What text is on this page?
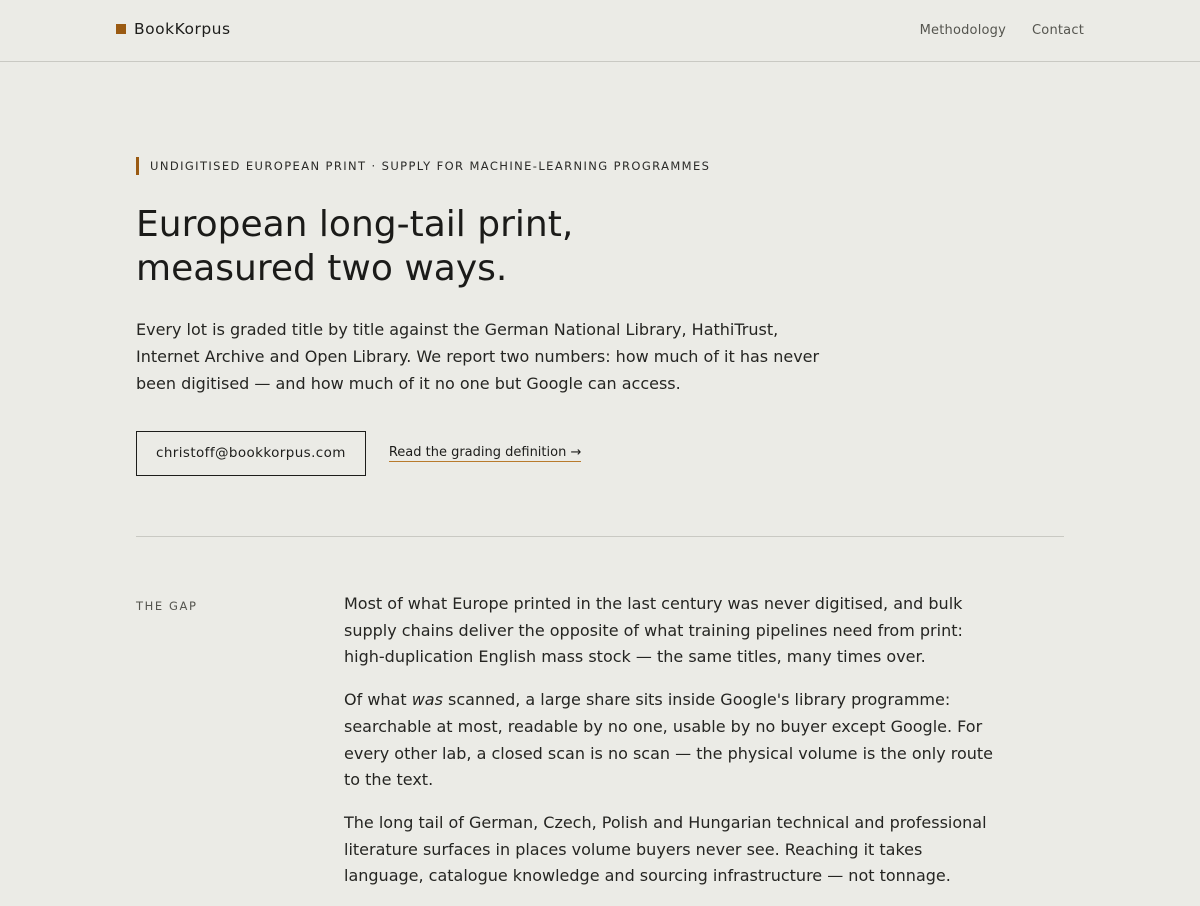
BookKorpus	Methodology Contact
UNDIGITISED EUROPEAN PRINT · SUPPLY FOR MACHINE-LEARNING PROGRAMMES
European long-tail print,
measured two ways.

Every lot is graded title by title against the German National Library, HathiTrust, Internet Archive and Open Library. We report two numbers: how much of it has never been digitised — and how much of it no one but Google can access.

christoff@bookkorpus.com	Read the grading definition →
THE GAP	Most of what Europe printed in the last century was never digitised, and bulk supply chains deliver the opposite of what training pipelines need from print: high-duplication English mass stock — the same titles, many times over.

Of what was scanned, a large share sits inside Google's library programme: searchable at most, readable by no one, usable by no buyer except Google. For every other lab, a closed scan is no scan — the physical volume is the only route to the text.

The long tail of German, Czech, Polish and Hungarian technical and professional literature surfaces in places volume buyers never see. Reaching it takes language, catalogue knowledge and sourcing infrastructure — not tonnage.
